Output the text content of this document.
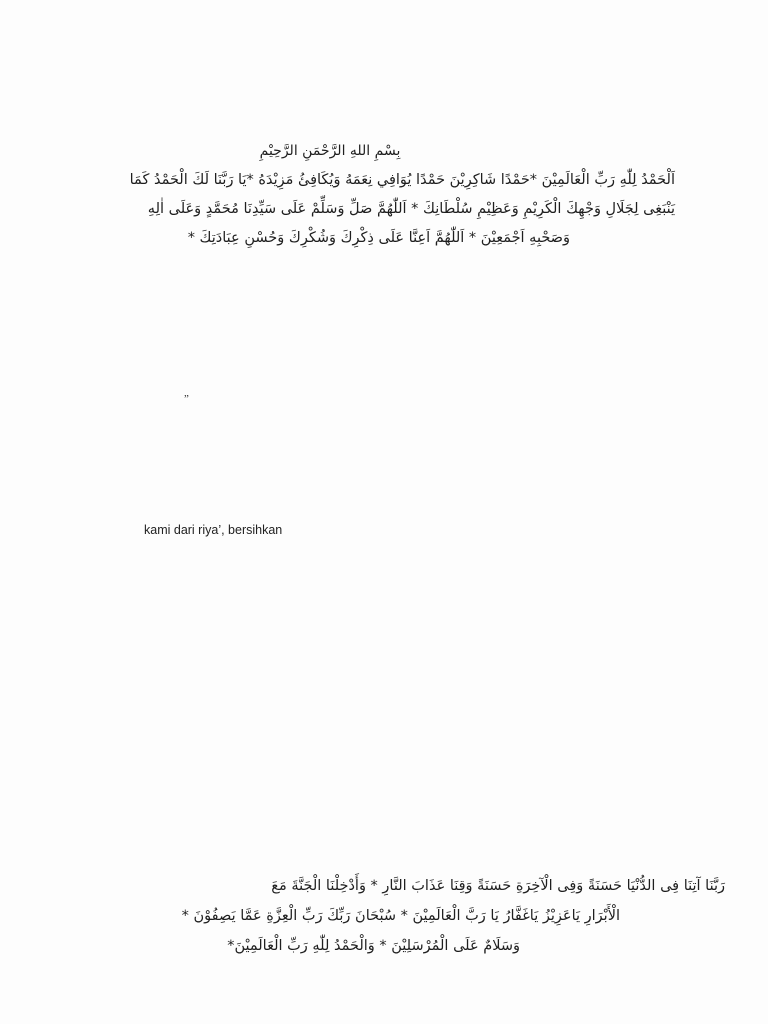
بِسْمِ اللهِ الرَّحْمَنِ الرَّحِيْمِ
اَلْحَمْدُ لِلّٰهِ رَبِّ الْعَالَمِيْنَ *حَمْدًا شَاكِرِيْنَ حَمْدًا يُوَافِي نِعَمَهُ وَيُكَافِئُ مَزِيْدَهُ *يَا رَبَّنَا لَكَ الْحَمْدُ كَمَا
يَنْبَغِى لِجَلَالِ وَجْهِكَ الْكَرِيْمِ وَعَظِيْمِ سُلْطَانِكَ * اَللّٰهُمَّ صَلِّ وَسَلِّمْ عَلَى سَيِّدِنَا مُحَمَّدٍ وَعَلَى اٰلِهِ
وَصَحْبِهِ اَجْمَعِيْنَ * اَللّٰهُمَّ اَعِنَّا عَلَى ذِكْرِكَ وَشُكْرِكَ وَحُسْنِ عِبَادَتِكَ *
”
kami dari riya’, bersihkan
رَبَّنَا آتِنَا فِى الدُّنْيَا حَسَنَةً وَفِى الْآخِرَةِ حَسَنَةً وَقِنَا عَذَابَ النَّارِ * وَأَدْخِلْنَا الْجَنَّةَ مَعَ
الْأَبْرَارِ يَاعَزِيْزُ يَاغَفَّارُ يَا رَبَّ الْعَالَمِيْنَ * سُبْحَانَ رَبِّكَ رَبِّ الْعِزَّةِ عَمَّا يَصِفُوْنَ *
وَسَلَامٌ عَلَى الْمُرْسَلِيْنَ * وَالْحَمْدُ لِلّٰهِ رَبِّ الْعَالَمِيْنَ*
